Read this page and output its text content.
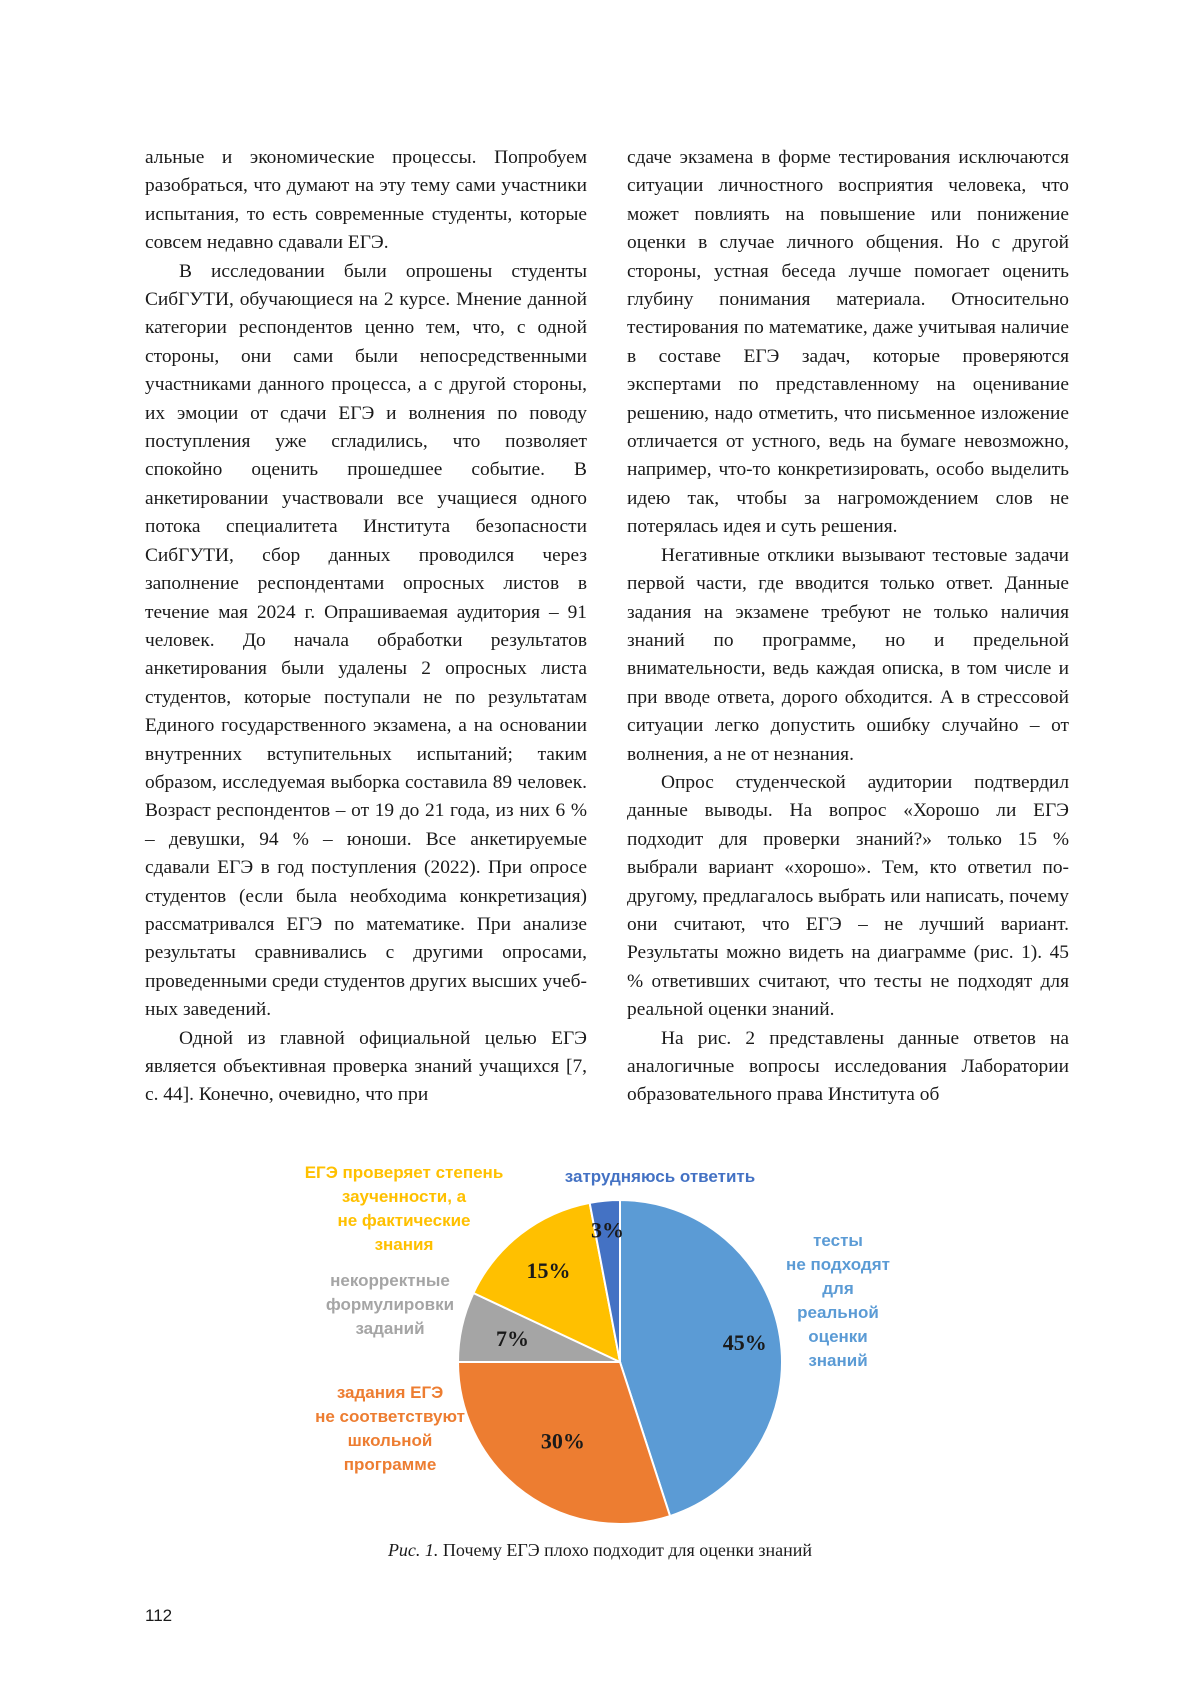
альные и экономические процессы. Попробуем разобраться, что думают на эту тему сами участники испытания, то есть современные студенты, которые совсем недавно сдавали ЕГЭ.

В исследовании были опрошены студенты СибГУТИ, обучающиеся на 2 курсе. Мнение данной категории респондентов ценно тем, что, с одной стороны, они сами были непосредственными участниками данного процесса, а с другой стороны, их эмоции от сдачи ЕГЭ и волнения по поводу поступления уже сгладились, что позволяет спокойно оценить прошедшее событие. В анкетировании участвовали все учащиеся одного потока специалитета Института безопасности СибГУТИ, сбор данных проводился через заполнение респондентами опросных листов в течение мая 2024 г. Опрашиваемая аудитория – 91 человек. До начала обработки результатов анкетирования были удалены 2 опросных листа студентов, которые поступали не по результатам Единого государственного экзамена, а на основании внутренних вступительных испытаний; таким образом, исследуемая выборка составила 89 человек. Возраст респондентов – от 19 до 21 года, из них 6 % – девушки, 94 % – юноши. Все анкетируемые сдавали ЕГЭ в год поступления (2022). При опросе студентов (если была необходима конкретизация) рассматривался ЕГЭ по математике. При анализе результаты сравнивались с другими опросами, проведенными среди студентов других высших учебных заведений.

Одной из главной официальной целью ЕГЭ является объективная проверка знаний учащихся [7, с. 44]. Конечно, очевидно, что при

сдаче экзамена в форме тестирования исключаются ситуации личностного восприятия человека, что может повлиять на повышение или понижение оценки в случае личного общения. Но с другой стороны, устная беседа лучше помогает оценить глубину понимания материала. Относительно тестирования по математике, даже учитывая наличие в составе ЕГЭ задач, которые проверяются экспертами по представленному на оценивание решению, надо отметить, что письменное изложение отличается от устного, ведь на бумаге невозможно, например, что-то конкретизировать, особо выделить идею так, чтобы за нагромождением слов не потерялась идея и суть решения.

Негативные отклики вызывают тестовые задачи первой части, где вводится только ответ. Данные задания на экзамене требуют не только наличия знаний по программе, но и предельной внимательности, ведь каждая описка, в том числе и при вводе ответа, дорого обходится. А в стрессовой ситуации легко допустить ошибку случайно – от волнения, а не от незнания.

Опрос студенческой аудитории подтвердил данные выводы. На вопрос «Хорошо ли ЕГЭ подходит для проверки знаний?» только 15 % выбрали вариант «хорошо». Тем, кто ответил по-другому, предлагалось выбрать или написать, почему они считают, что ЕГЭ – не лучший вариант. Результаты можно видеть на диаграмме (рис. 1). 45 % ответивших считают, что тесты не подходят для реальной оценки знаний.

На рис. 2 представлены данные ответов на аналогичные вопросы исследования Лаборатории образовательного права Института об

45%
тесты не подходят для реальной оценки знаний
30%
задания ЕГЭ не соответствуют школьной программе
7%
некорректные формулировки заданий
15%
ЕГЭ проверяет степень заученности, а не фактические знания
3%
затрудняюсь ответить
Рис. 1. Почему ЕГЭ плохо подходит для оценки знаний
112
